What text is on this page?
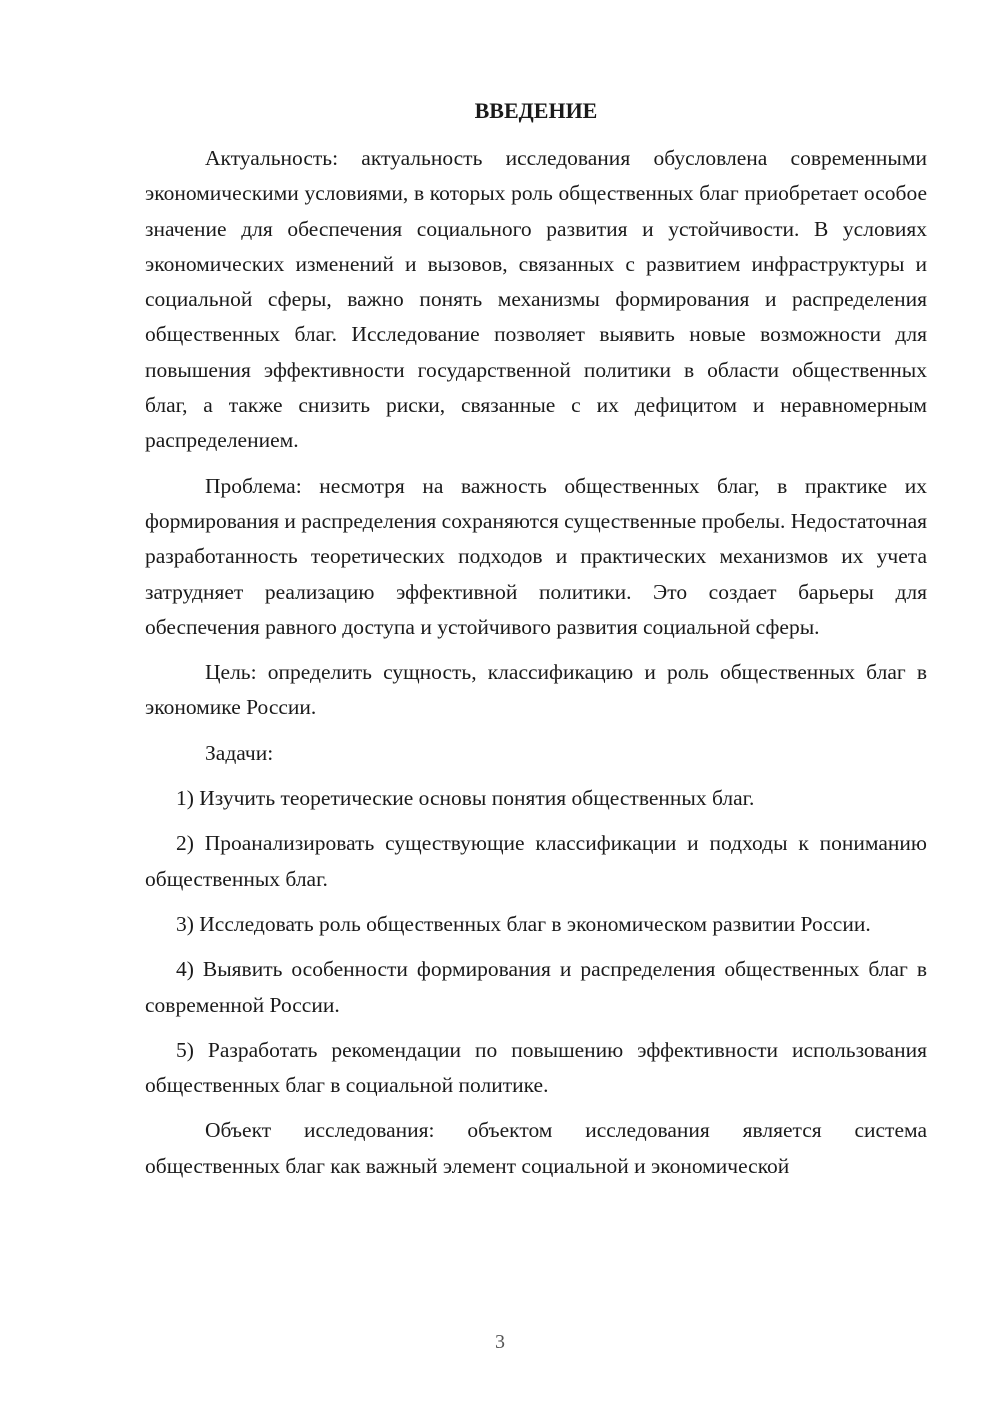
ВВЕДЕНИЕ

Актуальность: актуальность исследования обусловлена современными экономическими условиями, в которых роль общественных благ приобретает особое значение для обеспечения социального развития и устойчивости. В условиях экономических изменений и вызовов, связанных с развитием инфраструктуры и социальной сферы, важно понять механизмы формирования и распределения общественных благ. Исследование позволяет выявить новые возможности для повышения эффективности государственной политики в области общественных благ, а также снизить риски, связанные с их дефицитом и неравномерным распределением.

Проблема: несмотря на важность общественных благ, в практике их формирования и распределения сохраняются существенные пробелы. Недостаточная разработанность теоретических подходов и практических механизмов их учета затрудняет реализацию эффективной политики. Это создает барьеры для обеспечения равного доступа и устойчивого развития социальной сферы.

Цель: определить сущность, классификацию и роль общественных благ в экономике России.

Задачи:

1) Изучить теоретические основы понятия общественных благ.

2) Проанализировать существующие классификации и подходы к пониманию общественных благ.

3) Исследовать роль общественных благ в экономическом развитии России.

4) Выявить особенности формирования и распределения общественных благ в современной России.

5) Разработать рекомендации по повышению эффективности использования общественных благ в социальной политике.

Объект исследования: объектом исследования является система общественных благ как важный элемент социальной и экономической

3
